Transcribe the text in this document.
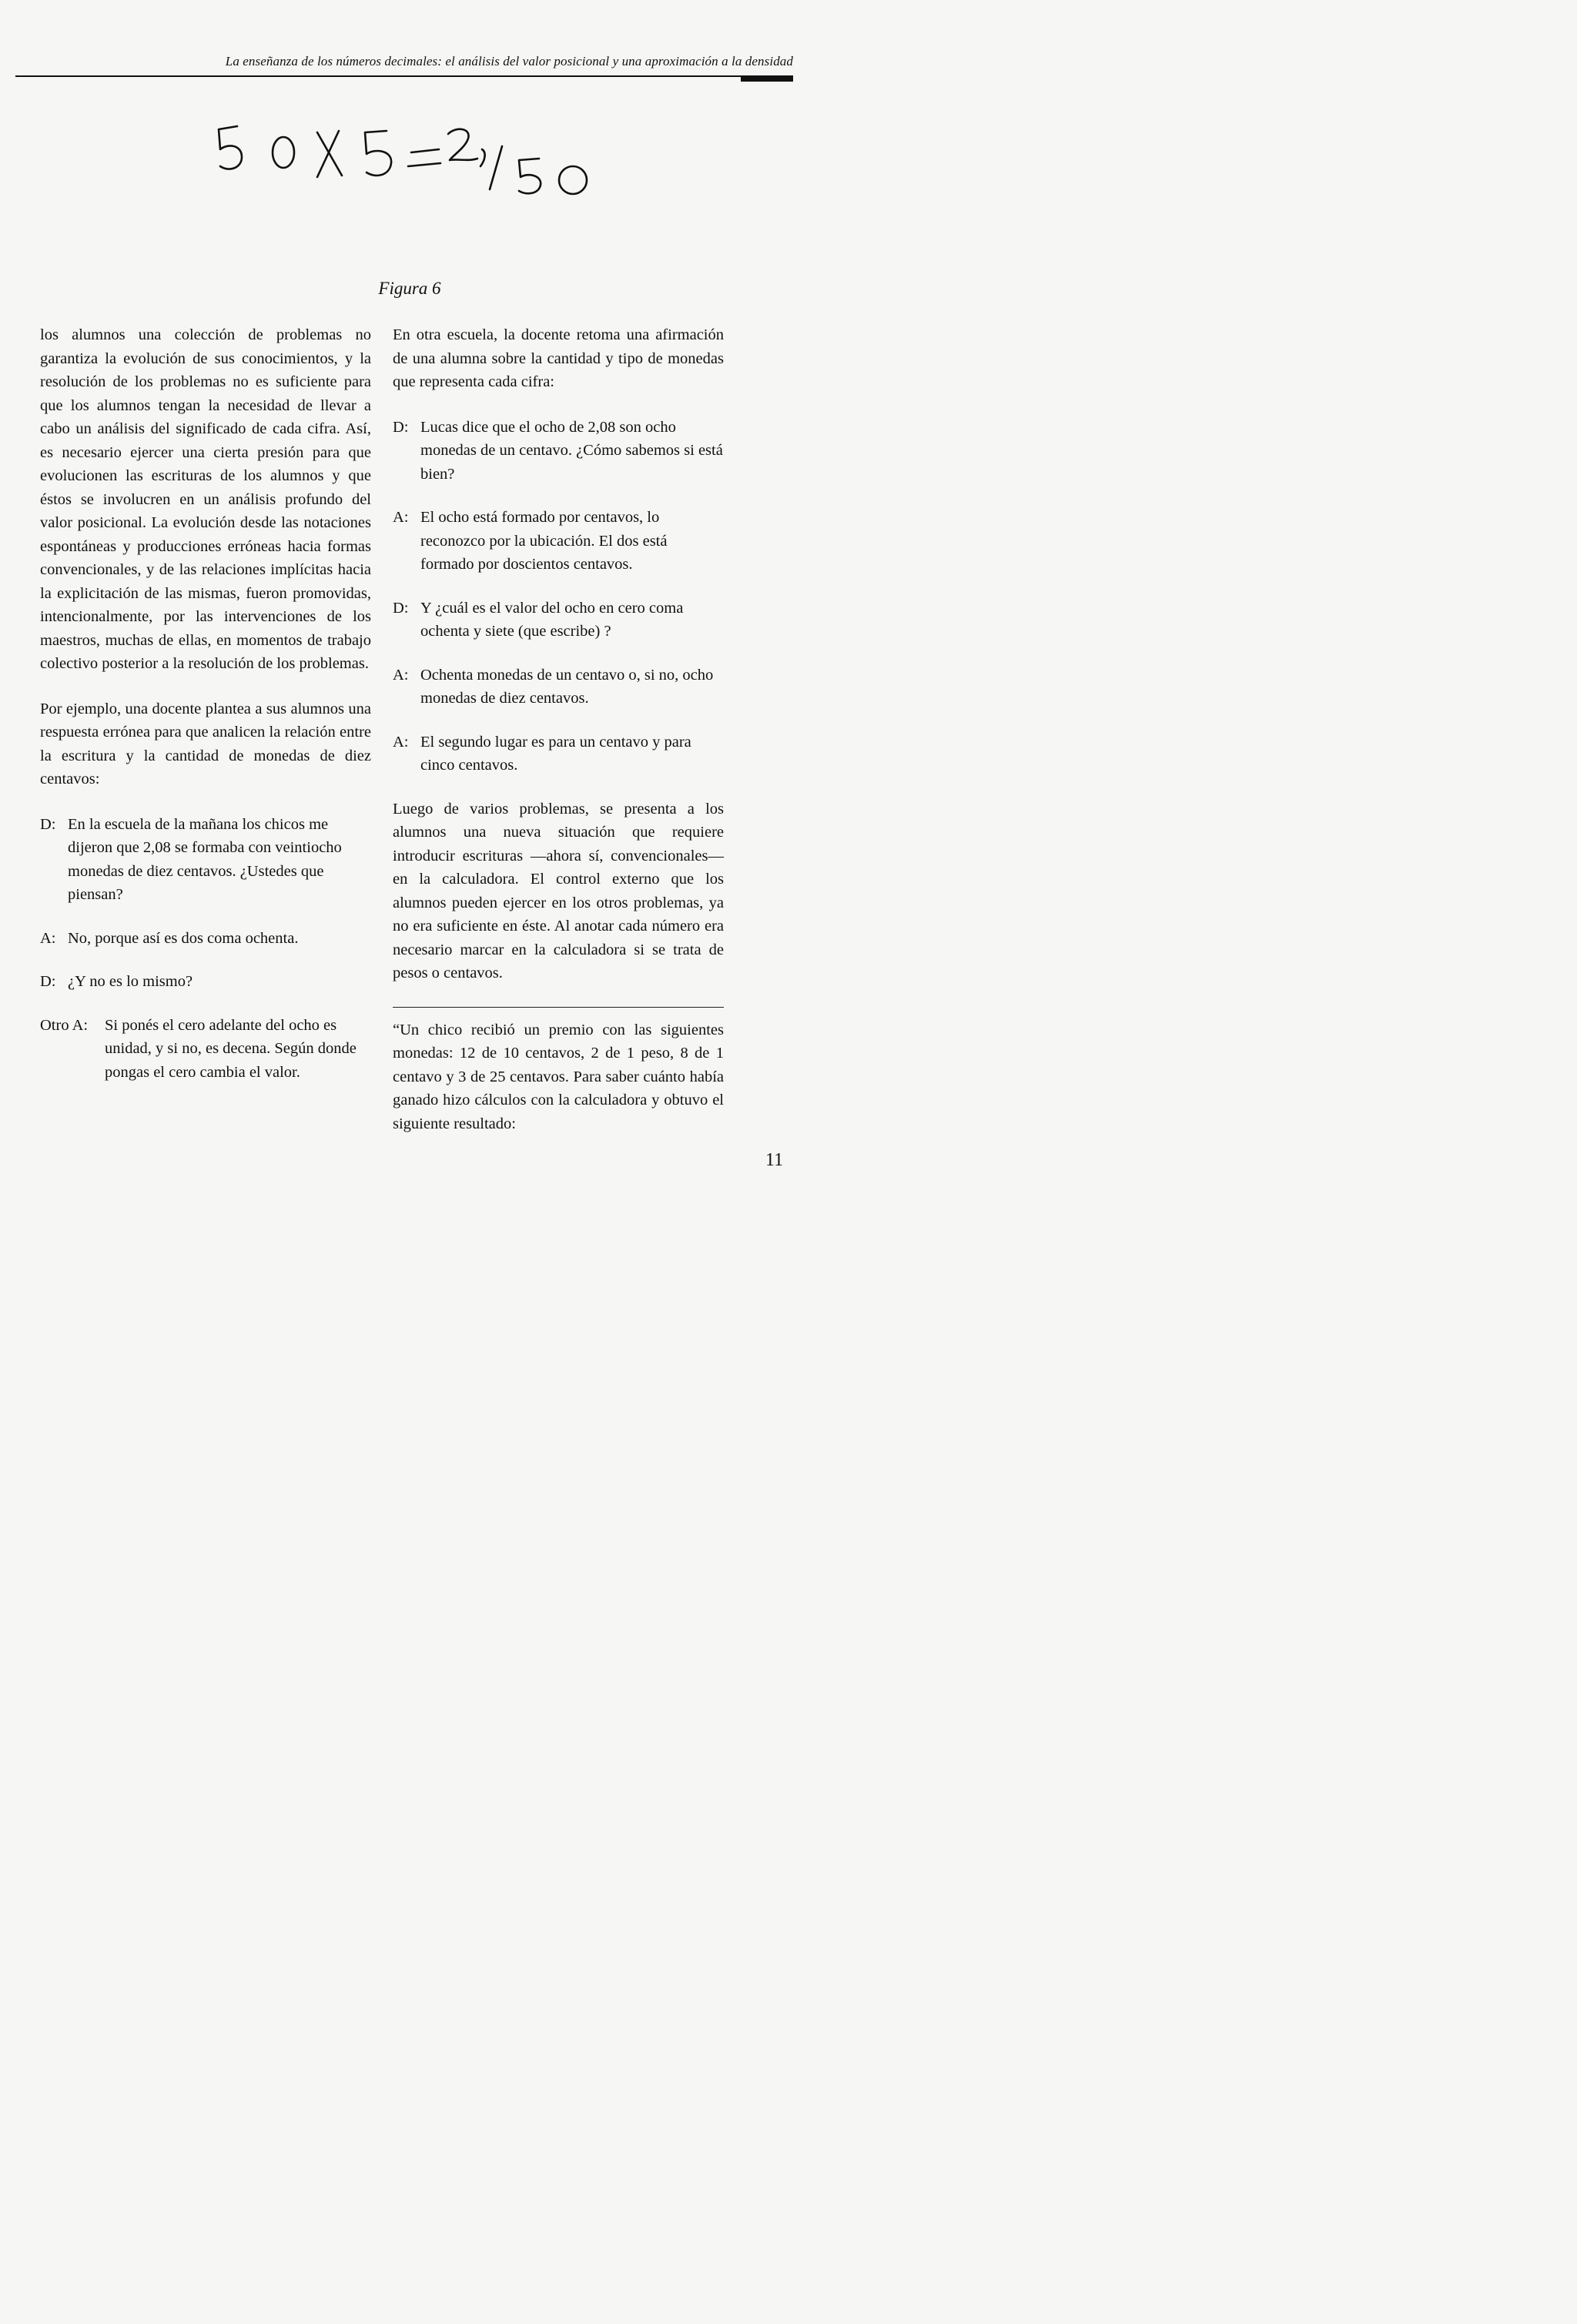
La enseñanza de los números decimales: el análisis del valor posicional y una aproximación a la densidad
Figura 6

los alumnos una colección de problemas no garantiza la evolución de sus conocimientos, y la resolución de los problemas no es suficiente para que los alumnos tengan la necesidad de llevar a cabo un análisis del significado de cada cifra. Así, es necesario ejercer una cierta presión para que evolucionen las escrituras de los alumnos y que éstos se involucren en un análisis profundo del valor posicional. La evolución desde las notaciones espontáneas y producciones erróneas hacia formas convencionales, y de las relaciones implícitas hacia la explicitación de las mismas, fueron promovidas, intencionalmente, por las intervenciones de los maestros, muchas de ellas, en momentos de trabajo colectivo posterior a la resolución de los problemas.

Por ejemplo, una docente plantea a sus alumnos una respuesta errónea para que analicen la relación entre la escritura y la cantidad de monedas de diez centavos:

D: En la escuela de la mañana los chicos me dijeron que 2,08 se formaba con veintiocho monedas de diez centavos. ¿Ustedes que piensan?
A: No, porque así es dos coma ochenta.
D: ¿Y no es lo mismo?
Otro A:	Si ponés el cero adelante del ocho es unidad, y si no, es decena. Según donde pongas el cero cambia el valor.

En otra escuela, la docente retoma una afirmación de una alumna sobre la cantidad y tipo de monedas que representa cada cifra:

D: Lucas dice que el ocho de 2,08 son ocho monedas de un centavo. ¿Cómo sabemos si está bien?
A: El ocho está formado por centavos, lo reconozco por la ubicación. El dos está formado por doscientos centavos.
D: Y ¿cuál es el valor del ocho en cero coma ochenta y siete (que escribe) ?
A: Ochenta monedas de un centavo o, si no, ocho monedas de diez centavos.
A: El segundo lugar es para un centavo y para cinco centavos.

Luego de varios problemas, se presenta a los alumnos una nueva situación que requiere introducir escrituras —ahora sí, convencionales— en la calculadora. El control externo que los alumnos pueden ejercer en los otros problemas, ya no era suficiente en éste. Al anotar cada número era necesario marcar en la calculadora si se trata de pesos o centavos.

“Un chico recibió un premio con las siguientes monedas: 12 de 10 centavos, 2 de 1 peso, 8 de 1 centavo y 3 de 25 centavos. Para saber cuánto había ganado hizo cálculos con la calculadora y obtuvo el siguiente resultado:

11
